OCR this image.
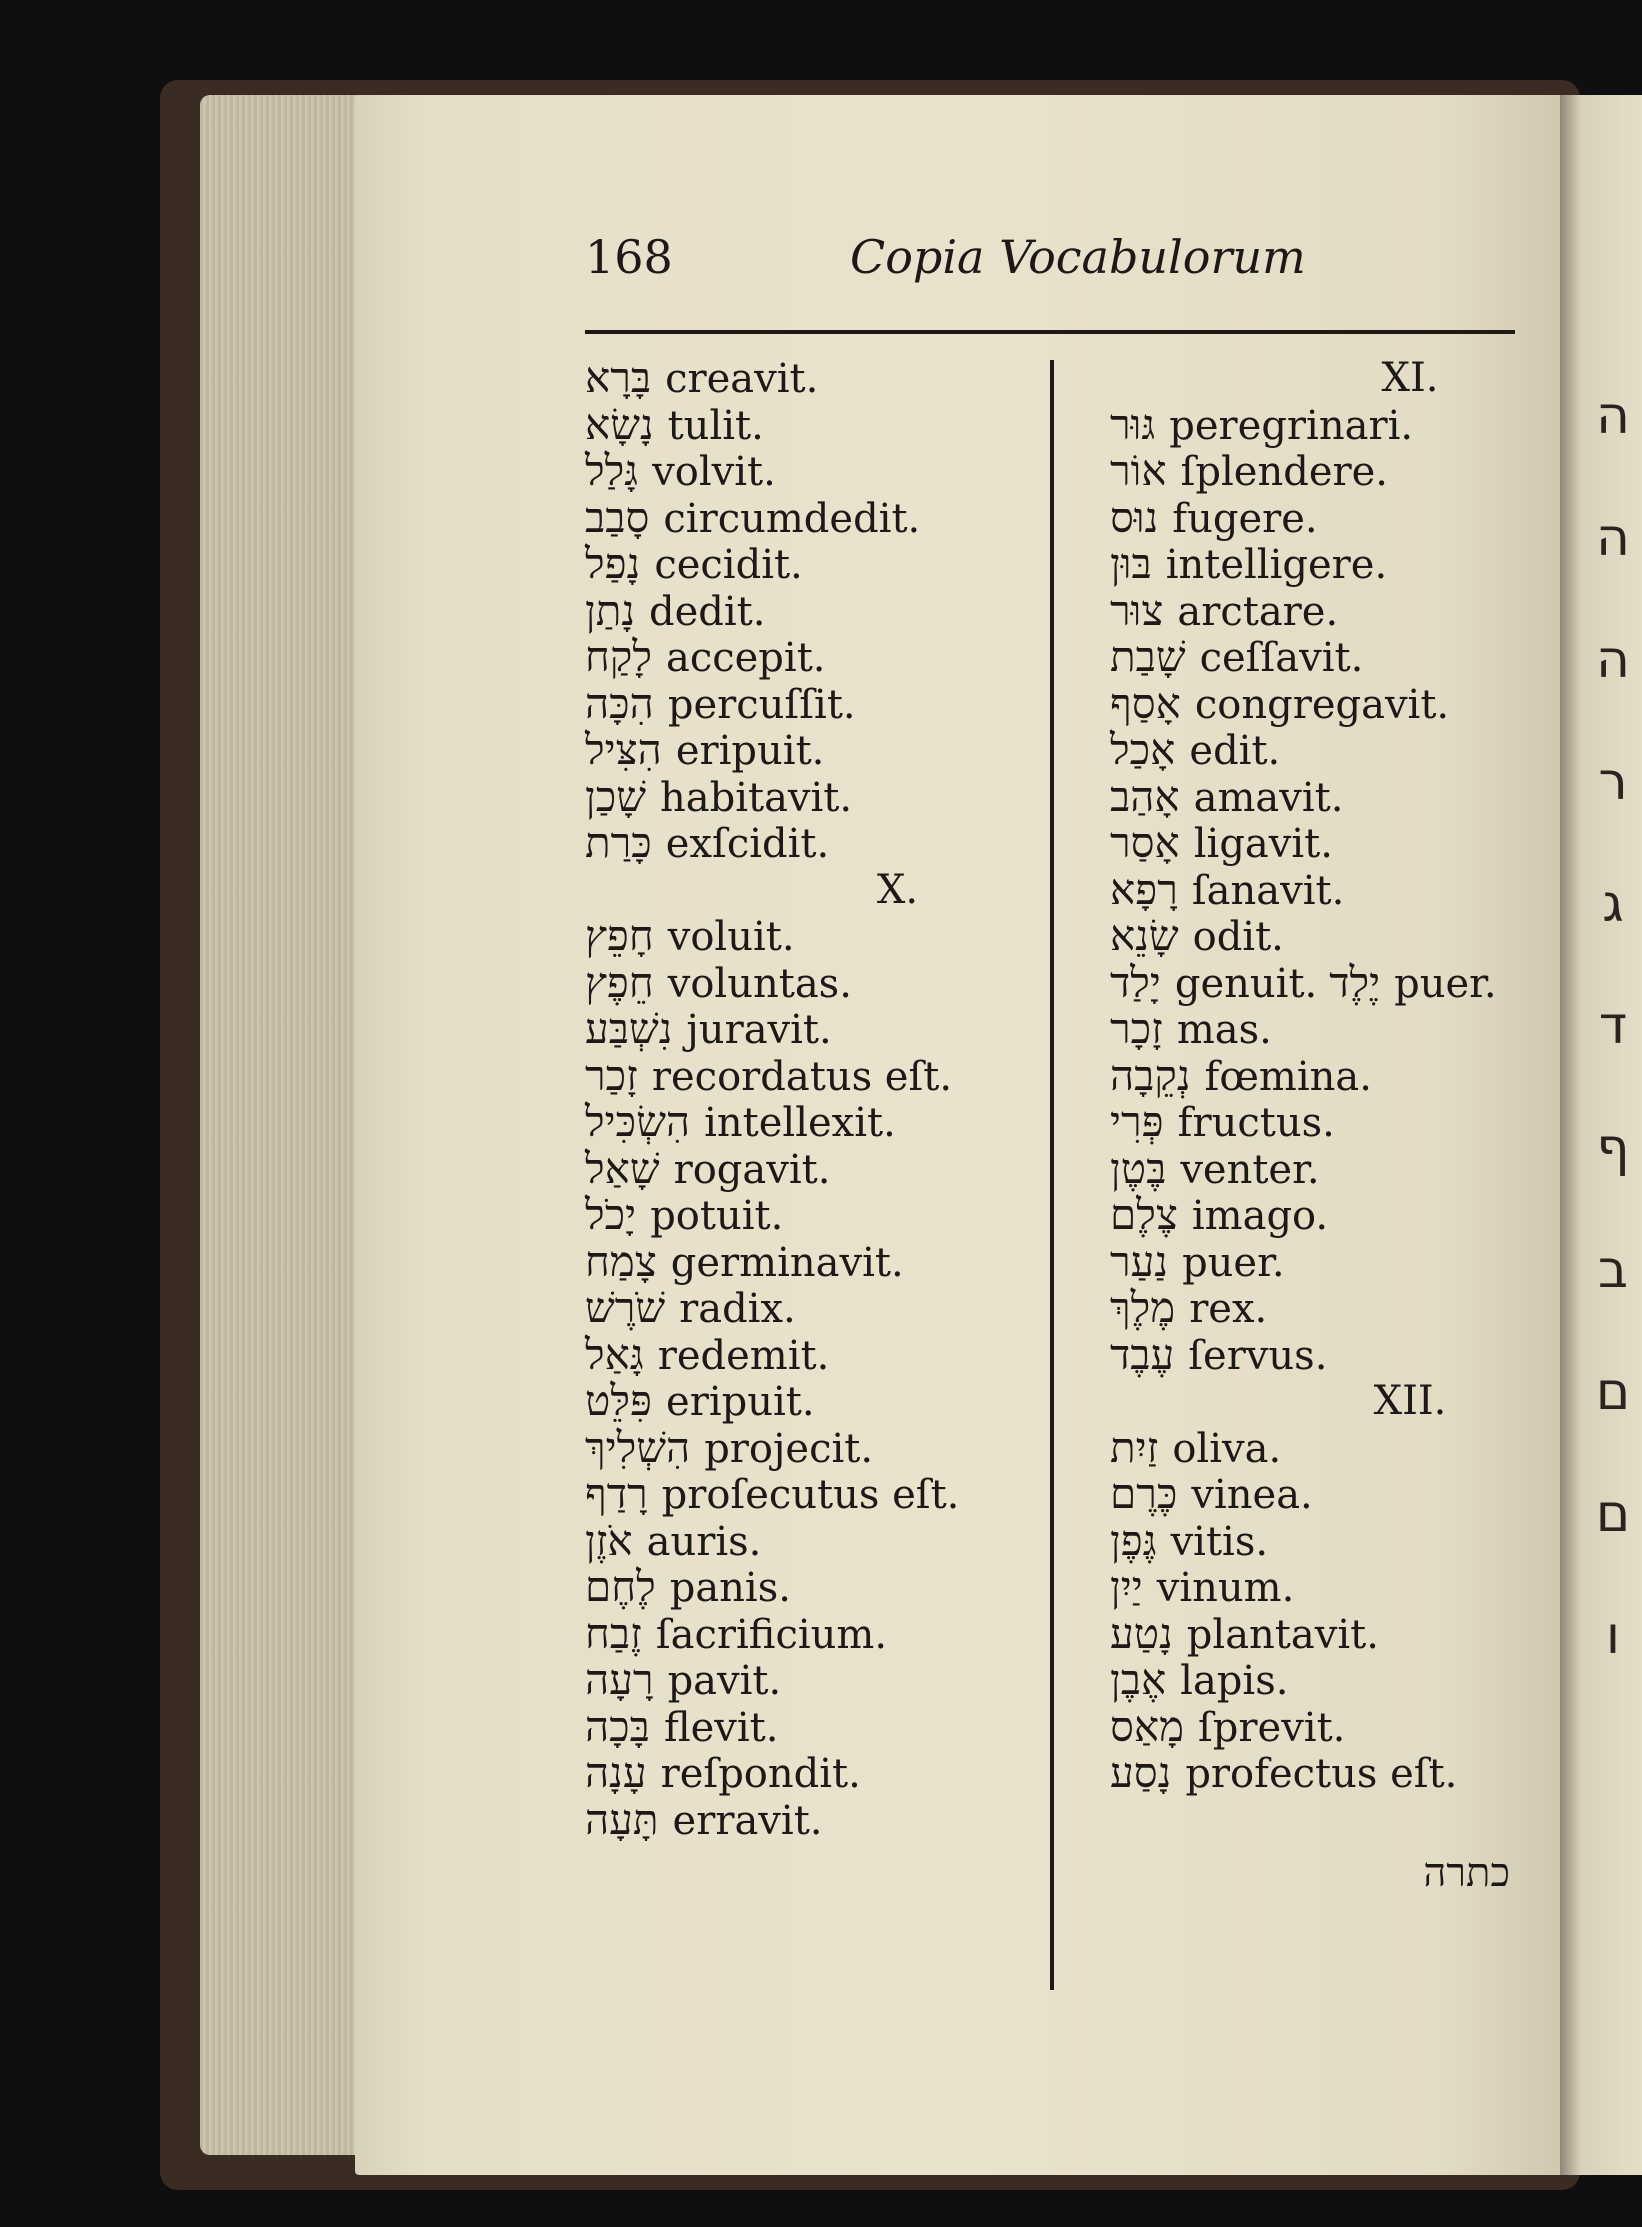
ה
ה
ה
ר
ג
ד
ף
ב
ם
ם
ו
168	Copia Vocabulorum
בָּרָא creavit.
נָשָׂא tulit.
גָּלַל volvit.
סָבַב circumdedit.
נָפַל cecidit.
נָתַן dedit.
לָקַח accepit.
הִכָּה percuſſit.
הִצִּיל eripuit.
שָׁכַן habitavit.
כָּרַת exſcidit.
X.
חָפֵץ voluit.
חֵפֶץ voluntas.
נִשְׁבַּע juravit.
זָכַר recordatus eſt.
הִשְׂכִּיל intellexit.
שָׁאַל rogavit.
יָכֹל potuit.
צָמַח germinavit.
שֹׁרֶשׁ radix.
גָּאַל redemit.
פִּלֵּט eripuit.
הִשְׁלִיךְ projecit.
רָדַף proſecutus eſt.
אֹזֶן auris.
לֶחֶם panis.
זֶבַח ſacrificium.
רָעָה pavit.
בָּכָה flevit.
עָנָה reſpondit.
תָּעָה erravit.
XI.
גּוּר peregrinari.
אוֹר ſplendere.
נוּס fugere.
בּוּן intelligere.
צוּר arctare.
שָׁבַת ceſſavit.
אָסַף congregavit.
אָכַל edit.
אָהַב amavit.
אָסַר ligavit.
רָפָא ſanavit.
שָׂנֵא odit.
יָלַד genuit. יֶלֶד puer.
זָכָר mas.
נְקֵבָה fœmina.
פְּרִי fructus.
בֶּטֶן venter.
צֶלֶם imago.
נַעַר puer.
מֶלֶךְ rex.
עֶבֶד ſervus.
XII.
זַיִת oliva.
כֶּרֶם vinea.
גֶּפֶן vitis.
יַיִן vinum.
נָטַע plantavit.
אֶבֶן lapis.
מָאַס ſprevit.
נָסַע profectus eſt.
כתרה
